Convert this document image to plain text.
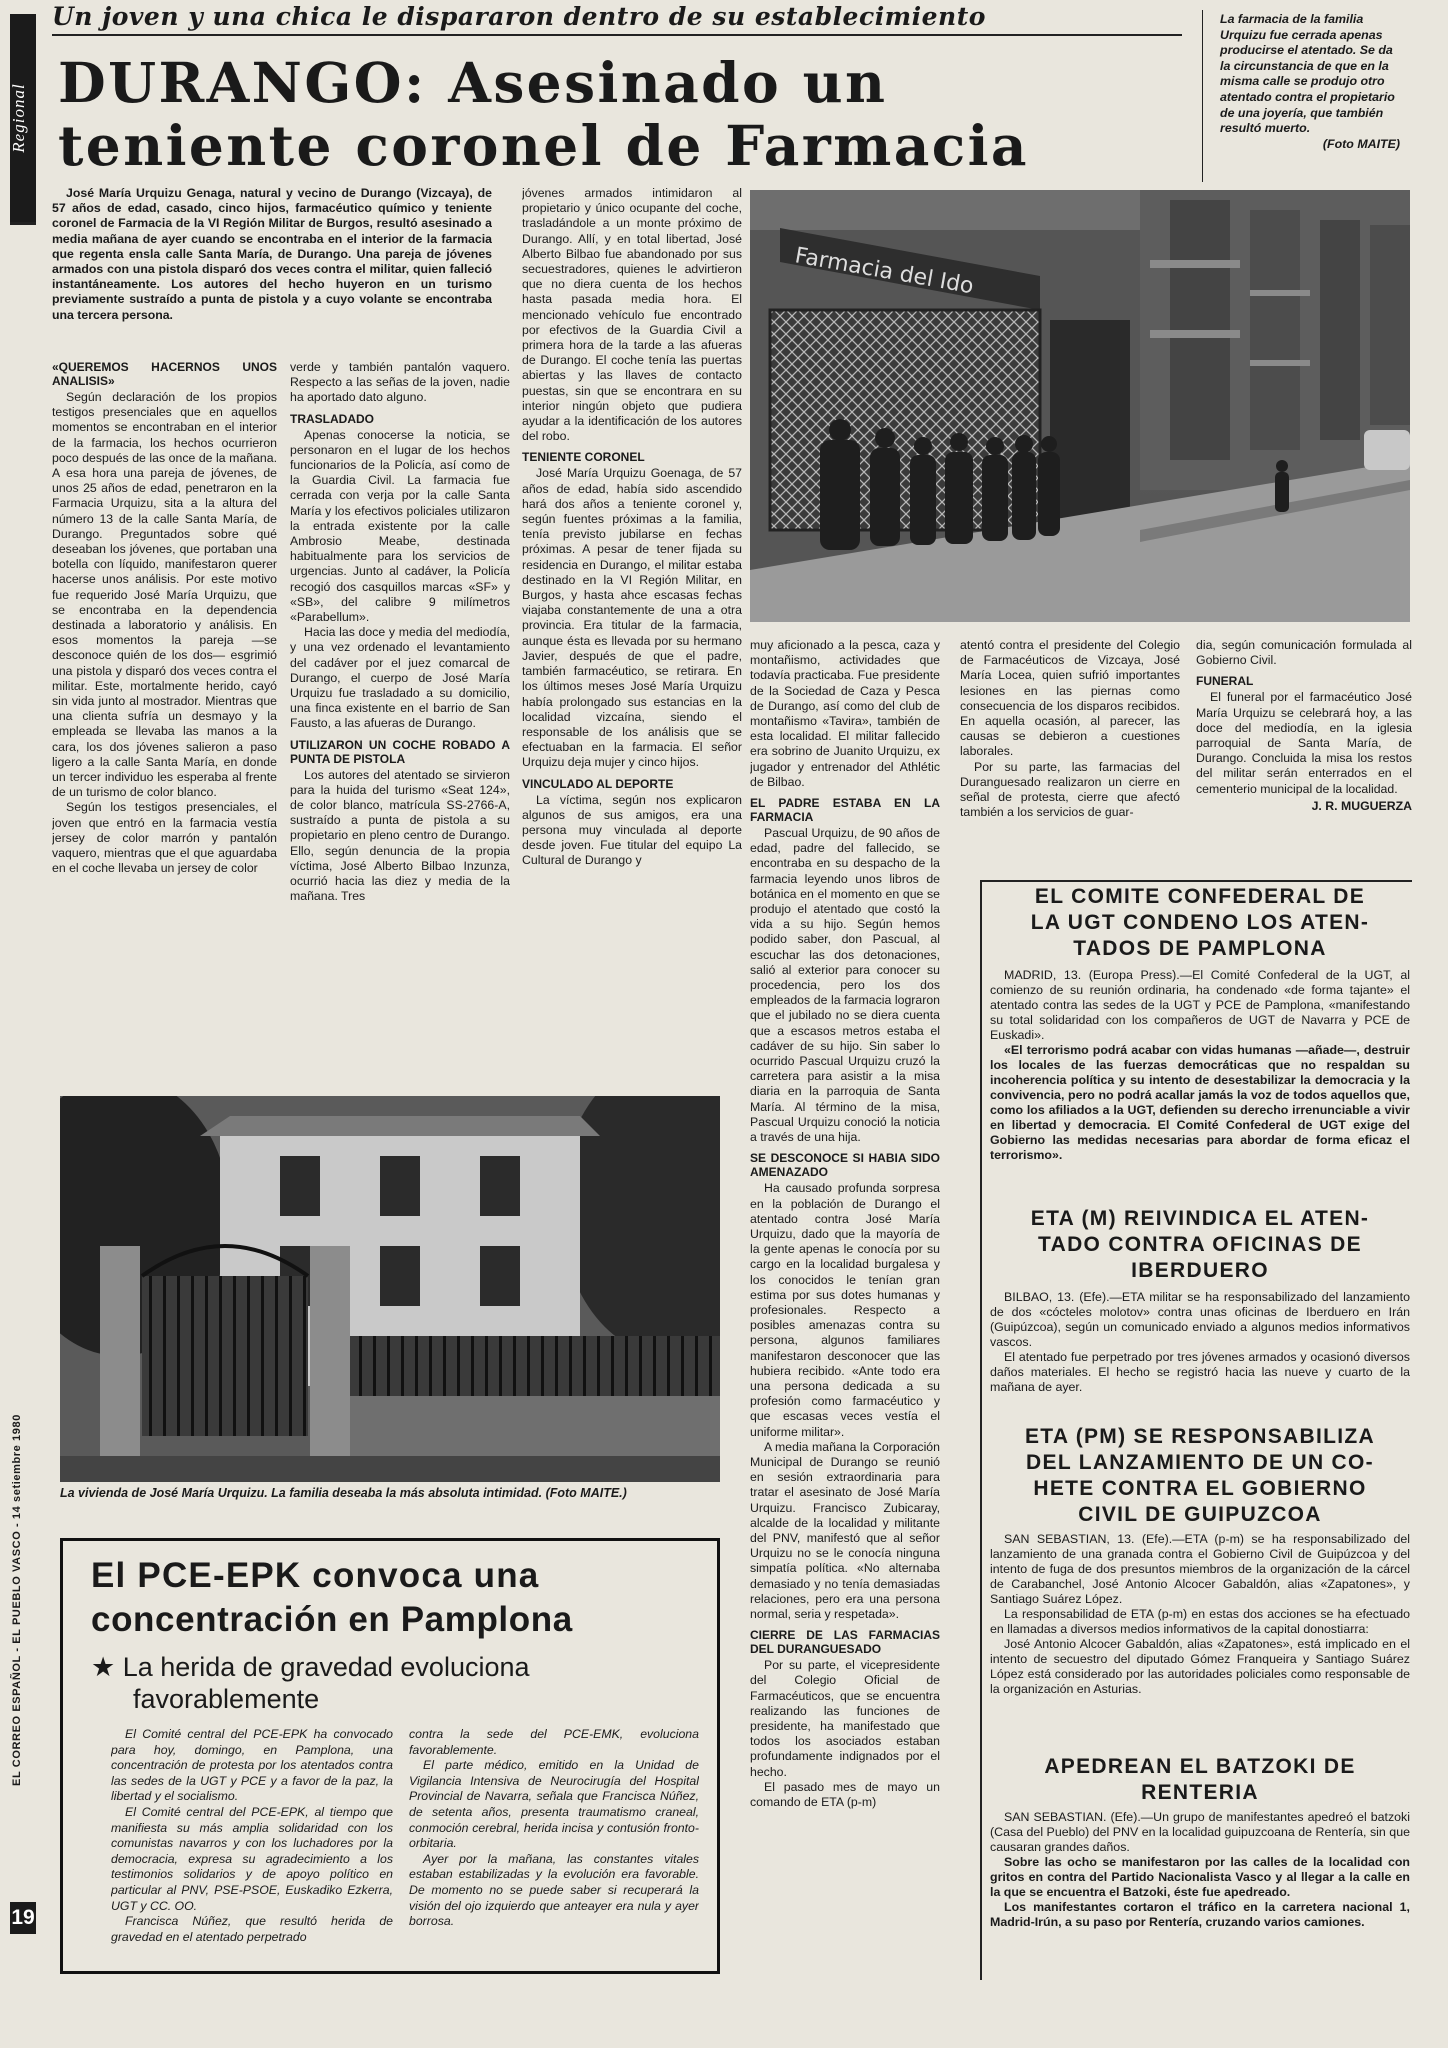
Regional
EL CORREO ESPAÑOL - EL PUEBLO VASCO - 14 setiembre 1980
19
Un joven y una chica le dispararon dentro de su establecimiento
DURANGO: Asesinado un
teniente coronel de Farmacia
La farmacia de la familia Urquizu fue cerrada apenas producirse el atentado. Se da la circunstancia de que en la misma calle se produjo otro atentado contra el propietario de una joyería, que también resultó muerto.
(Foto MAITE)
Farmacia del Ido

José María Urquizu Genaga, natural y vecino de Durango (Vizcaya), de 57 años de edad, casado, cinco hijos, farmacéutico químico y teniente coronel de Farmacia de la VI Región Militar de Burgos, resultó asesinado a media mañana de ayer cuando se encontraba en el interior de la farmacia que regenta ensla calle Santa María, de Durango. Una pareja de jóvenes armados con una pistola disparó dos veces contra el militar, quien falleció instantáneamente. Los autores del hecho huyeron en un turismo previamente sustraído a punta de pistola y a cuyo volante se encontraba una tercera persona.

«QUEREMOS HACERNOS UNOS ANALISIS»

Según declaración de los propios testigos presenciales que en aquellos momentos se encontraban en el interior de la farmacia, los hechos ocurrieron poco después de las once de la mañana. A esa hora una pareja de jóvenes, de unos 25 años de edad, penetraron en la Farmacia Urquizu, sita a la altura del número 13 de la calle Santa María, de Durango. Preguntados sobre qué deseaban los jóvenes, que portaban una botella con líquido, manifestaron querer hacerse unos análisis. Por este motivo fue requerido José María Urquizu, que se encontraba en la dependencia destinada a laboratorio y análisis. En esos momentos la pareja —se desconoce quién de los dos— esgrimió una pistola y disparó dos veces contra el militar. Este, mortalmente herido, cayó sin vida junto al mostrador. Mientras que una clienta sufría un desmayo y la empleada se llevaba las manos a la cara, los dos jóvenes salieron a paso ligero a la calle Santa María, en donde un tercer individuo les esperaba al frente de un turismo de color blanco.

Según los testigos presenciales, el joven que entró en la farmacia vestía jersey de color marrón y pantalón vaquero, mientras que el que aguardaba en el coche llevaba un jersey de color

verde y también pantalón vaquero. Respecto a las señas de la joven, nadie ha aportado dato alguno.

TRASLADADO

Apenas conocerse la noticia, se personaron en el lugar de los hechos funcionarios de la Policía, así como de la Guardia Civil. La farmacia fue cerrada con verja por la calle Santa María y los efectivos policiales utilizaron la entrada existente por la calle Ambrosio Meabe, destinada habitualmente para los servicios de urgencias. Junto al cadáver, la Policía recogió dos casquillos marcas «SF» y «SB», del calibre 9 milímetros «Parabellum».

Hacia las doce y media del mediodía, y una vez ordenado el levantamiento del cadáver por el juez comarcal de Durango, el cuerpo de José María Urquizu fue trasladado a su domicilio, una finca existente en el barrio de San Fausto, a las afueras de Durango.

UTILIZARON UN COCHE ROBADO A PUNTA DE PISTOLA

Los autores del atentado se sirvieron para la huida del turismo «Seat 124», de color blanco, matrícula SS-2766-A, sustraído a punta de pistola a su propietario en pleno centro de Durango. Ello, según denuncia de la propia víctima, José Alberto Bilbao Inzunza, ocurrió hacia las diez y media de la mañana. Tres

jóvenes armados intimidaron al propietario y único ocupante del coche, trasladándole a un monte próximo de Durango. Allí, y en total libertad, José Alberto Bilbao fue abandonado por sus secuestradores, quienes le advirtieron que no diera cuenta de los hechos hasta pasada media hora. El mencionado vehículo fue encontrado por efectivos de la Guardia Civil a primera hora de la tarde a las afueras de Durango. El coche tenía las puertas abiertas y las llaves de contacto puestas, sin que se encontrara en su interior ningún objeto que pudiera ayudar a la identificación de los autores del robo.

TENIENTE CORONEL

José María Urquizu Goenaga, de 57 años de edad, había sido ascendido hará dos años a teniente coronel y, según fuentes próximas a la familia, tenía previsto jubilarse en fechas próximas. A pesar de tener fijada su residencia en Durango, el militar estaba destinado en la VI Región Militar, en Burgos, y hasta ahce escasas fechas viajaba constantemente de una a otra provincia. Era titular de la farmacia, aunque ésta es llevada por su hermano Javier, después de que el padre, también farmacéutico, se retirara. En los últimos meses José María Urquizu había prolongado sus estancias en la localidad vizcaína, siendo el responsable de los análisis que se efectuaban en la farmacia. El señor Urquizu deja mujer y cinco hijos.

VINCULADO AL DEPORTE

La víctima, según nos explicaron algunos de sus amigos, era una persona muy vinculada al deporte desde joven. Fue titular del equipo La Cultural de Durango y

muy aficionado a la pesca, caza y montañismo, actividades que todavía practicaba. Fue presidente de la Sociedad de Caza y Pesca de Durango, así como del club de montañismo «Tavira», también de esta localidad. El militar fallecido era sobrino de Juanito Urquizu, ex jugador y entrenador del Athlétic de Bilbao.

EL PADRE ESTABA EN LA FARMACIA

Pascual Urquizu, de 90 años de edad, padre del fallecido, se encontraba en su despacho de la farmacia leyendo unos libros de botánica en el momento en que se produjo el atentado que costó la vida a su hijo. Según hemos podido saber, don Pascual, al escuchar las dos detonaciones, salió al exterior para conocer su procedencia, pero los dos empleados de la farmacia lograron que el jubilado no se diera cuenta que a escasos metros estaba el cadáver de su hijo. Sin saber lo ocurrido Pascual Urquizu cruzó la carretera para asistir a la misa diaria en la parroquia de Santa María. Al término de la misa, Pascual Urquizu conoció la noticia a través de una hija.

SE DESCONOCE SI HABIA SIDO AMENAZADO

Ha causado profunda sorpresa en la población de Durango el atentado contra José María Urquizu, dado que la mayoría de la gente apenas le conocía por su cargo en la localidad burgalesa y los conocidos le tenían gran estima por sus dotes humanas y profesionales. Respecto a posibles amenazas contra su persona, algunos familiares manifestaron desconocer que las hubiera recibido. «Ante todo era una persona dedicada a su profesión como farmacéutico y que escasas veces vestía el uniforme militar».

A media mañana la Corporación Municipal de Durango se reunió en sesión extraordinaria para tratar el asesinato de José María Urquizu. Francisco Zubicaray, alcalde de la localidad y militante del PNV, manifestó que al señor Urquizu no se le conocía ninguna simpatía política. «No alternaba demasiado y no tenía demasiadas relaciones, pero era una persona normal, seria y respetada».

CIERRE DE LAS FARMACIAS DEL DURANGUESADO

Por su parte, el vicepresidente del Colegio Oficial de Farmacéuticos, que se encuentra realizando las funciones de presidente, ha manifestado que todos los asociados estaban profundamente indignados por el hecho.

El pasado mes de mayo un comando de ETA (p-m)

atentó contra el presidente del Colegio de Farmacéuticos de Vizcaya, José María Locea, quien sufrió importantes lesiones en las piernas como consecuencia de los disparos recibidos. En aquella ocasión, al parecer, las causas se debieron a cuestiones laborales.

Por su parte, las farmacias del Duranguesado realizaron un cierre en señal de protesta, cierre que afectó también a los servicios de guar-

dia, según comunicación formulada al Gobierno Civil.

FUNERAL

El funeral por el farmacéutico José María Urquizu se celebrará hoy, a las doce del mediodía, en la iglesia parroquial de Santa María, de Durango. Concluida la misa los restos del militar serán enterrados en el cementerio municipal de la localidad.

J. R. MUGUERZA
La vivienda de José María Urquizu. La familia deseaba la más absoluta intimidad. (Foto MAITE.)
El PCE-EPK convoca una
concentración en Pamplona
★ La herida de gravedad evoluciona
favorablemente

El Comité central del PCE-EPK ha convocado para hoy, domingo, en Pamplona, una concentración de protesta por los atentados contra las sedes de la UGT y PCE y a favor de la paz, la libertad y el socialismo.

El Comité central del PCE-EPK, al tiempo que manifiesta su más amplia solidaridad con los comunistas navarros y con los luchadores por la democracia, expresa su agradecimiento a los testimonios solidarios y de apoyo político en particular al PNV, PSE-PSOE, Euskadiko Ezkerra, UGT y CC. OO.

Francisca Núñez, que resultó herida de gravedad en el atentado perpetrado

contra la sede del PCE-EMK, evoluciona favorablemente.

El parte médico, emitido en la Unidad de Vigilancia Intensiva de Neurocirugía del Hospital Provincial de Navarra, señala que Francisca Núñez, de setenta años, presenta traumatismo craneal, conmoción cerebral, herida incisa y contusión fronto-orbitaria.

Ayer por la mañana, las constantes vitales estaban estabilizadas y la evolución era favorable. De momento no se puede saber si recuperará la visión del ojo izquierdo que anteayer era nula y ayer borrosa.

EL COMITE CONFEDERAL DE
LA UGT CONDENO LOS ATEN-
TADOS DE PAMPLONA

MADRID, 13. (Europa Press).—El Comité Confederal de la UGT, al comienzo de su reunión ordinaria, ha condenado «de forma tajante» el atentado contra las sedes de la UGT y PCE de Pamplona, «manifestando su total solidaridad con los compañeros de UGT de Navarra y PCE de Euskadi».

«El terrorismo podrá acabar con vidas humanas —añade—, destruir los locales de las fuerzas democráticas que no respaldan su incoherencia política y su intento de desestabilizar la democracia y la convivencia, pero no podrá acallar jamás la voz de todos aquellos que, como los afiliados a la UGT, defienden su derecho irrenunciable a vivir en libertad y democracia. El Comité Confederal de UGT exige del Gobierno las medidas necesarias para abordar de forma eficaz el terrorismo».

ETA (M) REIVINDICA EL ATEN-
TADO CONTRA OFICINAS DE
IBERDUERO

BILBAO, 13. (Efe).—ETA militar se ha responsabilizado del lanzamiento de dos «cócteles molotov» contra unas oficinas de Iberduero en Irán (Guipúzcoa), según un comunicado enviado a algunos medios informativos vascos.

El atentado fue perpetrado por tres jóvenes armados y ocasionó diversos daños materiales. El hecho se registró hacia las nueve y cuarto de la mañana de ayer.

ETA (PM) SE RESPONSABILIZA
DEL LANZAMIENTO DE UN CO-
HETE CONTRA EL GOBIERNO
CIVIL DE GUIPUZCOA

SAN SEBASTIAN, 13. (Efe).—ETA (p-m) se ha responsabilizado del lanzamiento de una granada contra el Gobierno Civil de Guipúzcoa y del intento de fuga de dos presuntos miembros de la organización de la cárcel de Carabanchel, José Antonio Alcocer Gabaldón, alias «Zapatones», y Santiago Suárez López.

La responsabilidad de ETA (p-m) en estas dos acciones se ha efectuado en llamadas a diversos medios informativos de la capital donostiarra:

José Antonio Alcocer Gabaldón, alias «Zapatones», está implicado en el intento de secuestro del diputado Gómez Franqueira y Santiago Suárez López está considerado por las autoridades policiales como responsable de la organización en Asturias.

APEDREAN EL BATZOKI DE
RENTERIA

SAN SEBASTIAN. (Efe).—Un grupo de manifestantes apedreó el batzoki (Casa del Pueblo) del PNV en la localidad guipuzcoana de Rentería, sin que causaran grandes daños.

Sobre las ocho se manifestaron por las calles de la localidad con gritos en contra del Partido Nacionalista Vasco y al llegar a la calle en la que se encuentra el Batzoki, éste fue apedreado.

Los manifestantes cortaron el tráfico en la carretera nacional 1, Madrid-Irún, a su paso por Rentería, cruzando varios camiones.
